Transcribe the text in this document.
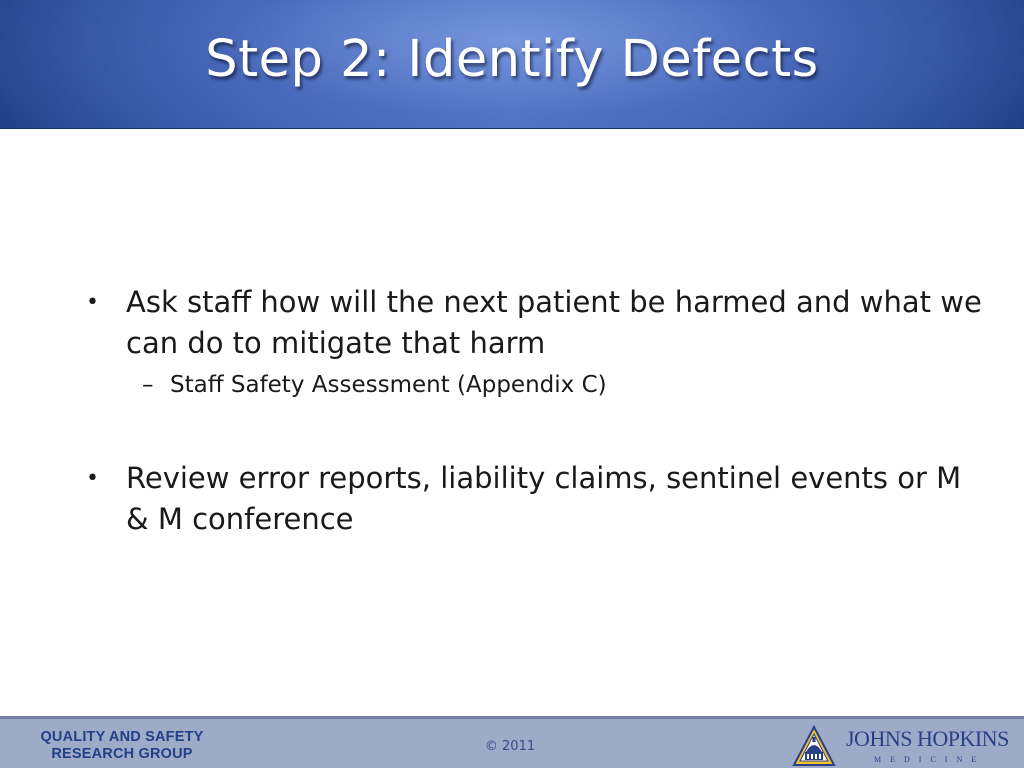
Step 2: Identify Defects
• Ask staff how will the next patient be harmed and what we can do to mitigate that harm
– Staff Safety Assessment (Appendix C)
• Review error reports, liability claims, sentinel events or M & M conference
QUALITY AND SAFETY
RESEARCH GROUP	© 2011	JOHNS HOPKINS
MEDICINE
